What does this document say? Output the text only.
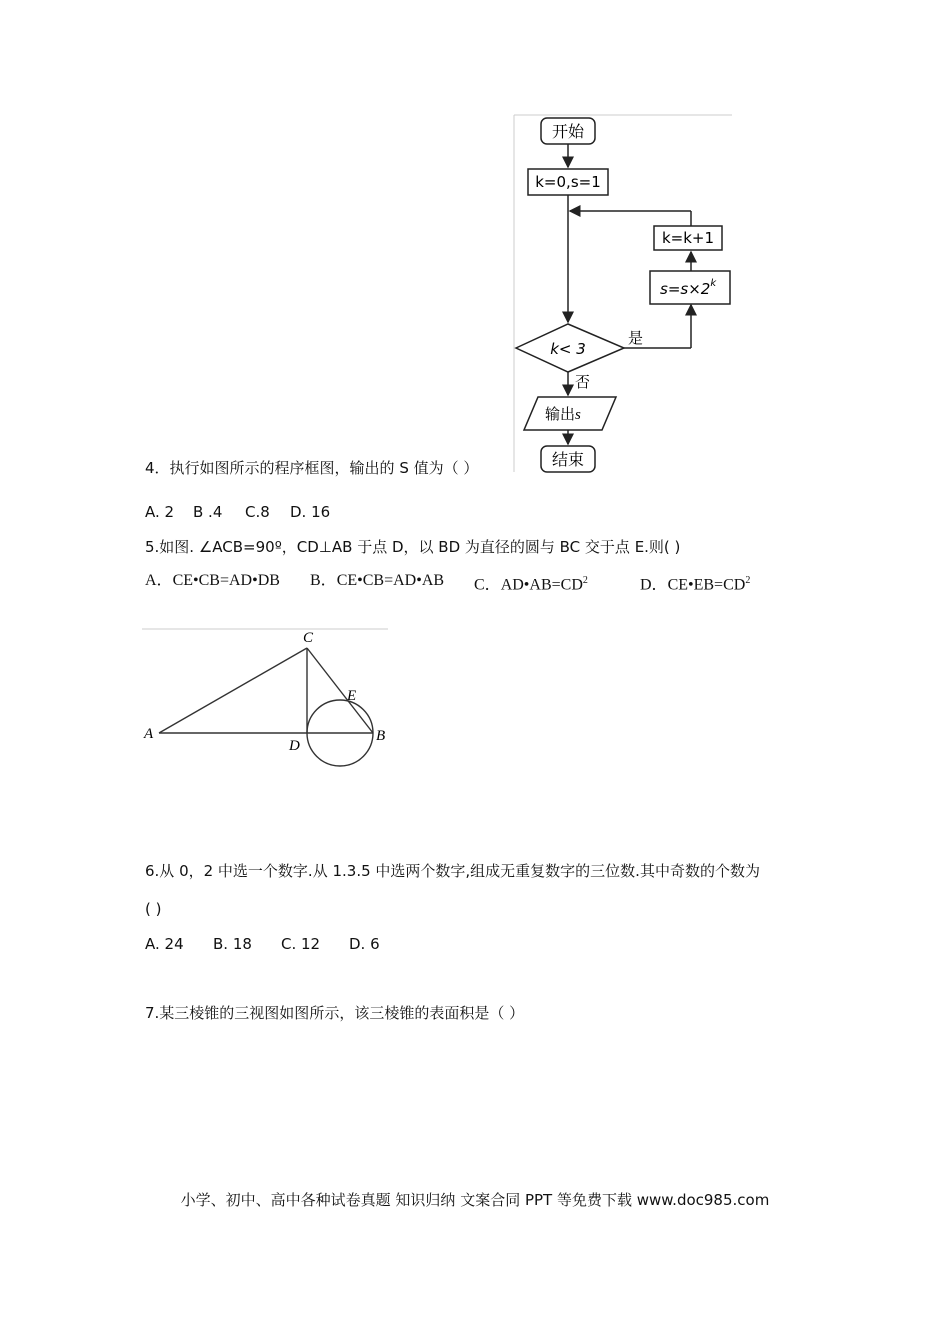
开始
k=0,s=1
k< 3
是
$s=s\times 2^k$
k=k+1
否
输出s
结束
4．执行如图所示的程序框图，输出的 S 值为（ ）
A. 2 B .4 C.8 D. 16
5.如图. ∠ACB=90º，CD⊥AB 于点 D，以 BD 为直径的圆与 BC 交于点 E.则( )
A．CE•CB=AD•DB B．CE•CB=AD•AB C．$AD•AB=CD^2$	D．$CE•EB=CD^2$
A	B
C
D
E
6.从 0，2 中选一个数字.从 1.3.5 中选两个数字,组成无重复数字的三位数.其中奇数的个数为
( )
A. 24 B. 18 C. 12 D. 6
7.某三棱锥的三视图如图所示，该三棱锥的表面积是（ ）
小学、初中、高中各种试卷真题 知识归纳 文案合同 PPT 等免费下载 www.doc985.com
